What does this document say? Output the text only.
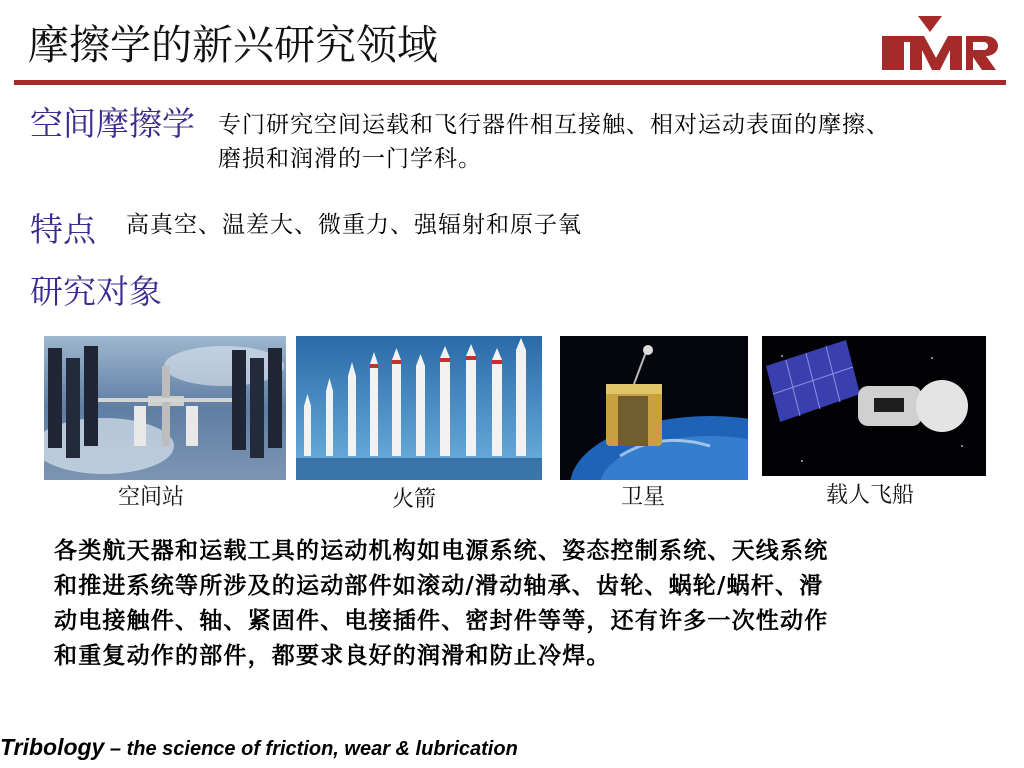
摩擦学的新兴研究领域
空间摩擦学 专门研究空间运载和飞行器件相互接触、相对运动表面的摩擦、
磨损和润滑的一门学科。
特点 高真空、温差大、微重力、强辐射和原子氧
研究对象
空间站	火箭	卫星	载人飞船
各类航天器和运载工具的运动机构如电源系统、姿态控制系统、天线系统
和推进系统等所涉及的运动部件如滚动/滑动轴承、齿轮、蜗轮/蜗杆、滑
动电接触件、轴、紧固件、电接插件、密封件等等，还有许多一次性动作
和重复动作的部件，都要求良好的润滑和防止冷焊。
Tribology – the science of friction, wear & lubrication
